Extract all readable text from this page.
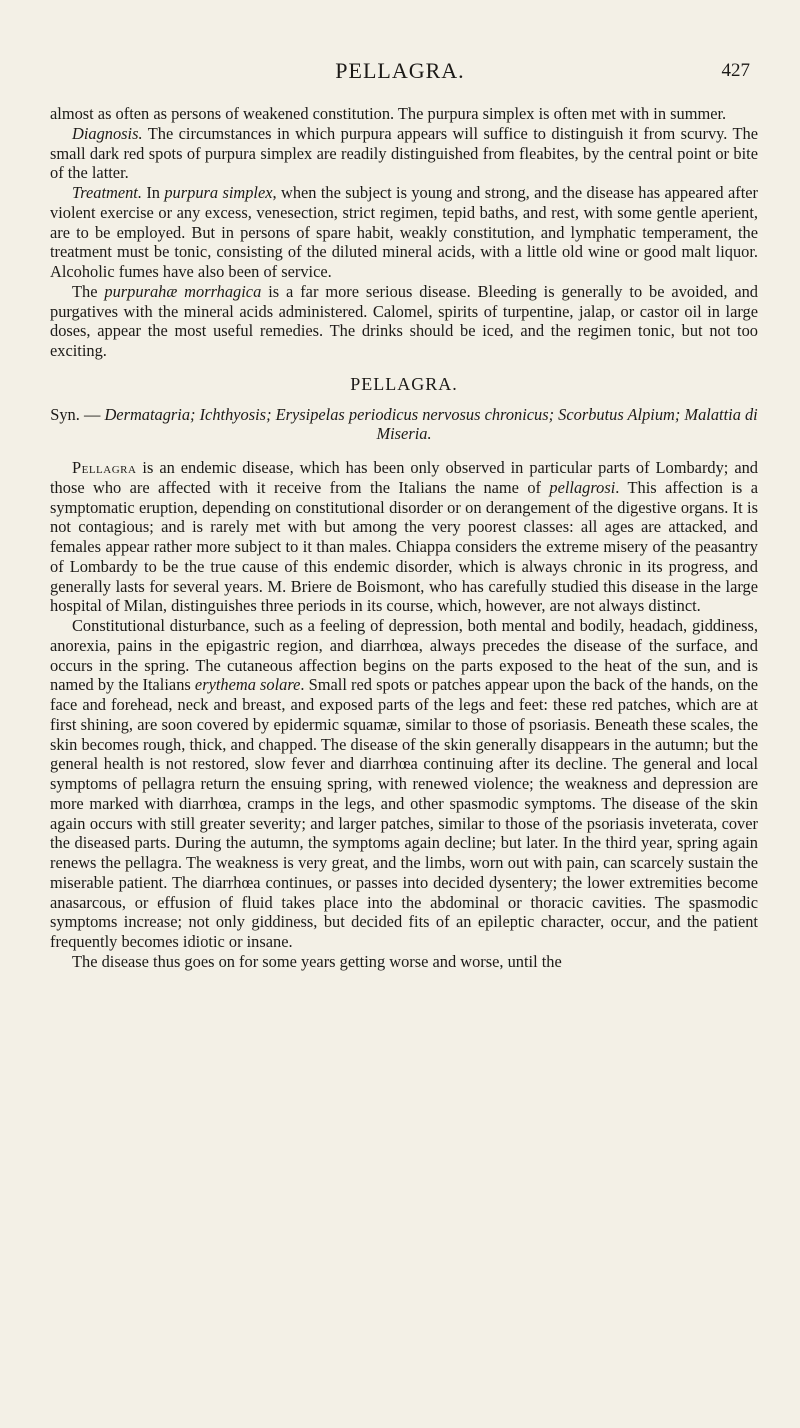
PELLAGRA.	427

almost as often as persons of weakened constitution. The purpura simplex is often met with in summer.

Diagnosis. The circumstances in which purpura appears will suffice to distinguish it from scurvy. The small dark red spots of purpura simplex are readily distinguished from fleabites, by the central point or bite of the latter.

Treatment. In purpura simplex, when the subject is young and strong, and the disease has appeared after violent exercise or any excess, venesection, strict regimen, tepid baths, and rest, with some gentle aperient, are to be employed. But in persons of spare habit, weakly constitution, and lymphatic temperament, the treatment must be tonic, consisting of the diluted mineral acids, with a little old wine or good malt liquor. Alcoholic fumes have also been of service.

The purpurahæ morrhagica is a far more serious disease. Bleeding is generally to be avoided, and purgatives with the mineral acids administered. Calomel, spirits of turpentine, jalap, or castor oil in large doses, appear the most useful remedies. The drinks should be iced, and the regimen tonic, but not too exciting.

PELLAGRA.

Syn. — Dermatagria; Ichthyosis; Erysipelas periodicus nervosus chronicus; Scorbutus Alpium; Malattia di Miseria.

Pellagra is an endemic disease, which has been only observed in particular parts of Lombardy; and those who are affected with it receive from the Italians the name of pellagrosi. This affection is a symptomatic eruption, depending on constitutional disorder or on derangement of the digestive organs. It is not contagious; and is rarely met with but among the very poorest classes: all ages are attacked, and females appear rather more subject to it than males. Chiappa considers the extreme misery of the peasantry of Lombardy to be the true cause of this endemic disorder, which is always chronic in its progress, and generally lasts for several years. M. Briere de Boismont, who has carefully studied this disease in the large hospital of Milan, distinguishes three periods in its course, which, however, are not always distinct.

Constitutional disturbance, such as a feeling of depression, both mental and bodily, headach, giddiness, anorexia, pains in the epigastric region, and diarrhœa, always precedes the disease of the surface, and occurs in the spring. The cutaneous affection begins on the parts exposed to the heat of the sun, and is named by the Italians erythema solare. Small red spots or patches appear upon the back of the hands, on the face and forehead, neck and breast, and exposed parts of the legs and feet: these red patches, which are at first shining, are soon covered by epidermic squamæ, similar to those of psoriasis. Beneath these scales, the skin becomes rough, thick, and chapped. The disease of the skin generally disappears in the autumn; but the general health is not restored, slow fever and diarrhœa continuing after its decline. The general and local symptoms of pellagra return the ensuing spring, with renewed violence; the weakness and depression are more marked with diarrhœa, cramps in the legs, and other spasmodic symptoms. The disease of the skin again occurs with still greater severity; and larger patches, similar to those of the psoriasis inveterata, cover the diseased parts. During the autumn, the symptoms again decline; but later. In the third year, spring again renews the pellagra. The weakness is very great, and the limbs, worn out with pain, can scarcely sustain the miserable patient. The diarrhœa continues, or passes into decided dysentery; the lower extremities become anasarcous, or effusion of fluid takes place into the abdominal or thoracic cavities. The spasmodic symptoms increase; not only giddiness, but decided fits of an epileptic character, occur, and the patient frequently becomes idiotic or insane.

The disease thus goes on for some years getting worse and worse, until the
